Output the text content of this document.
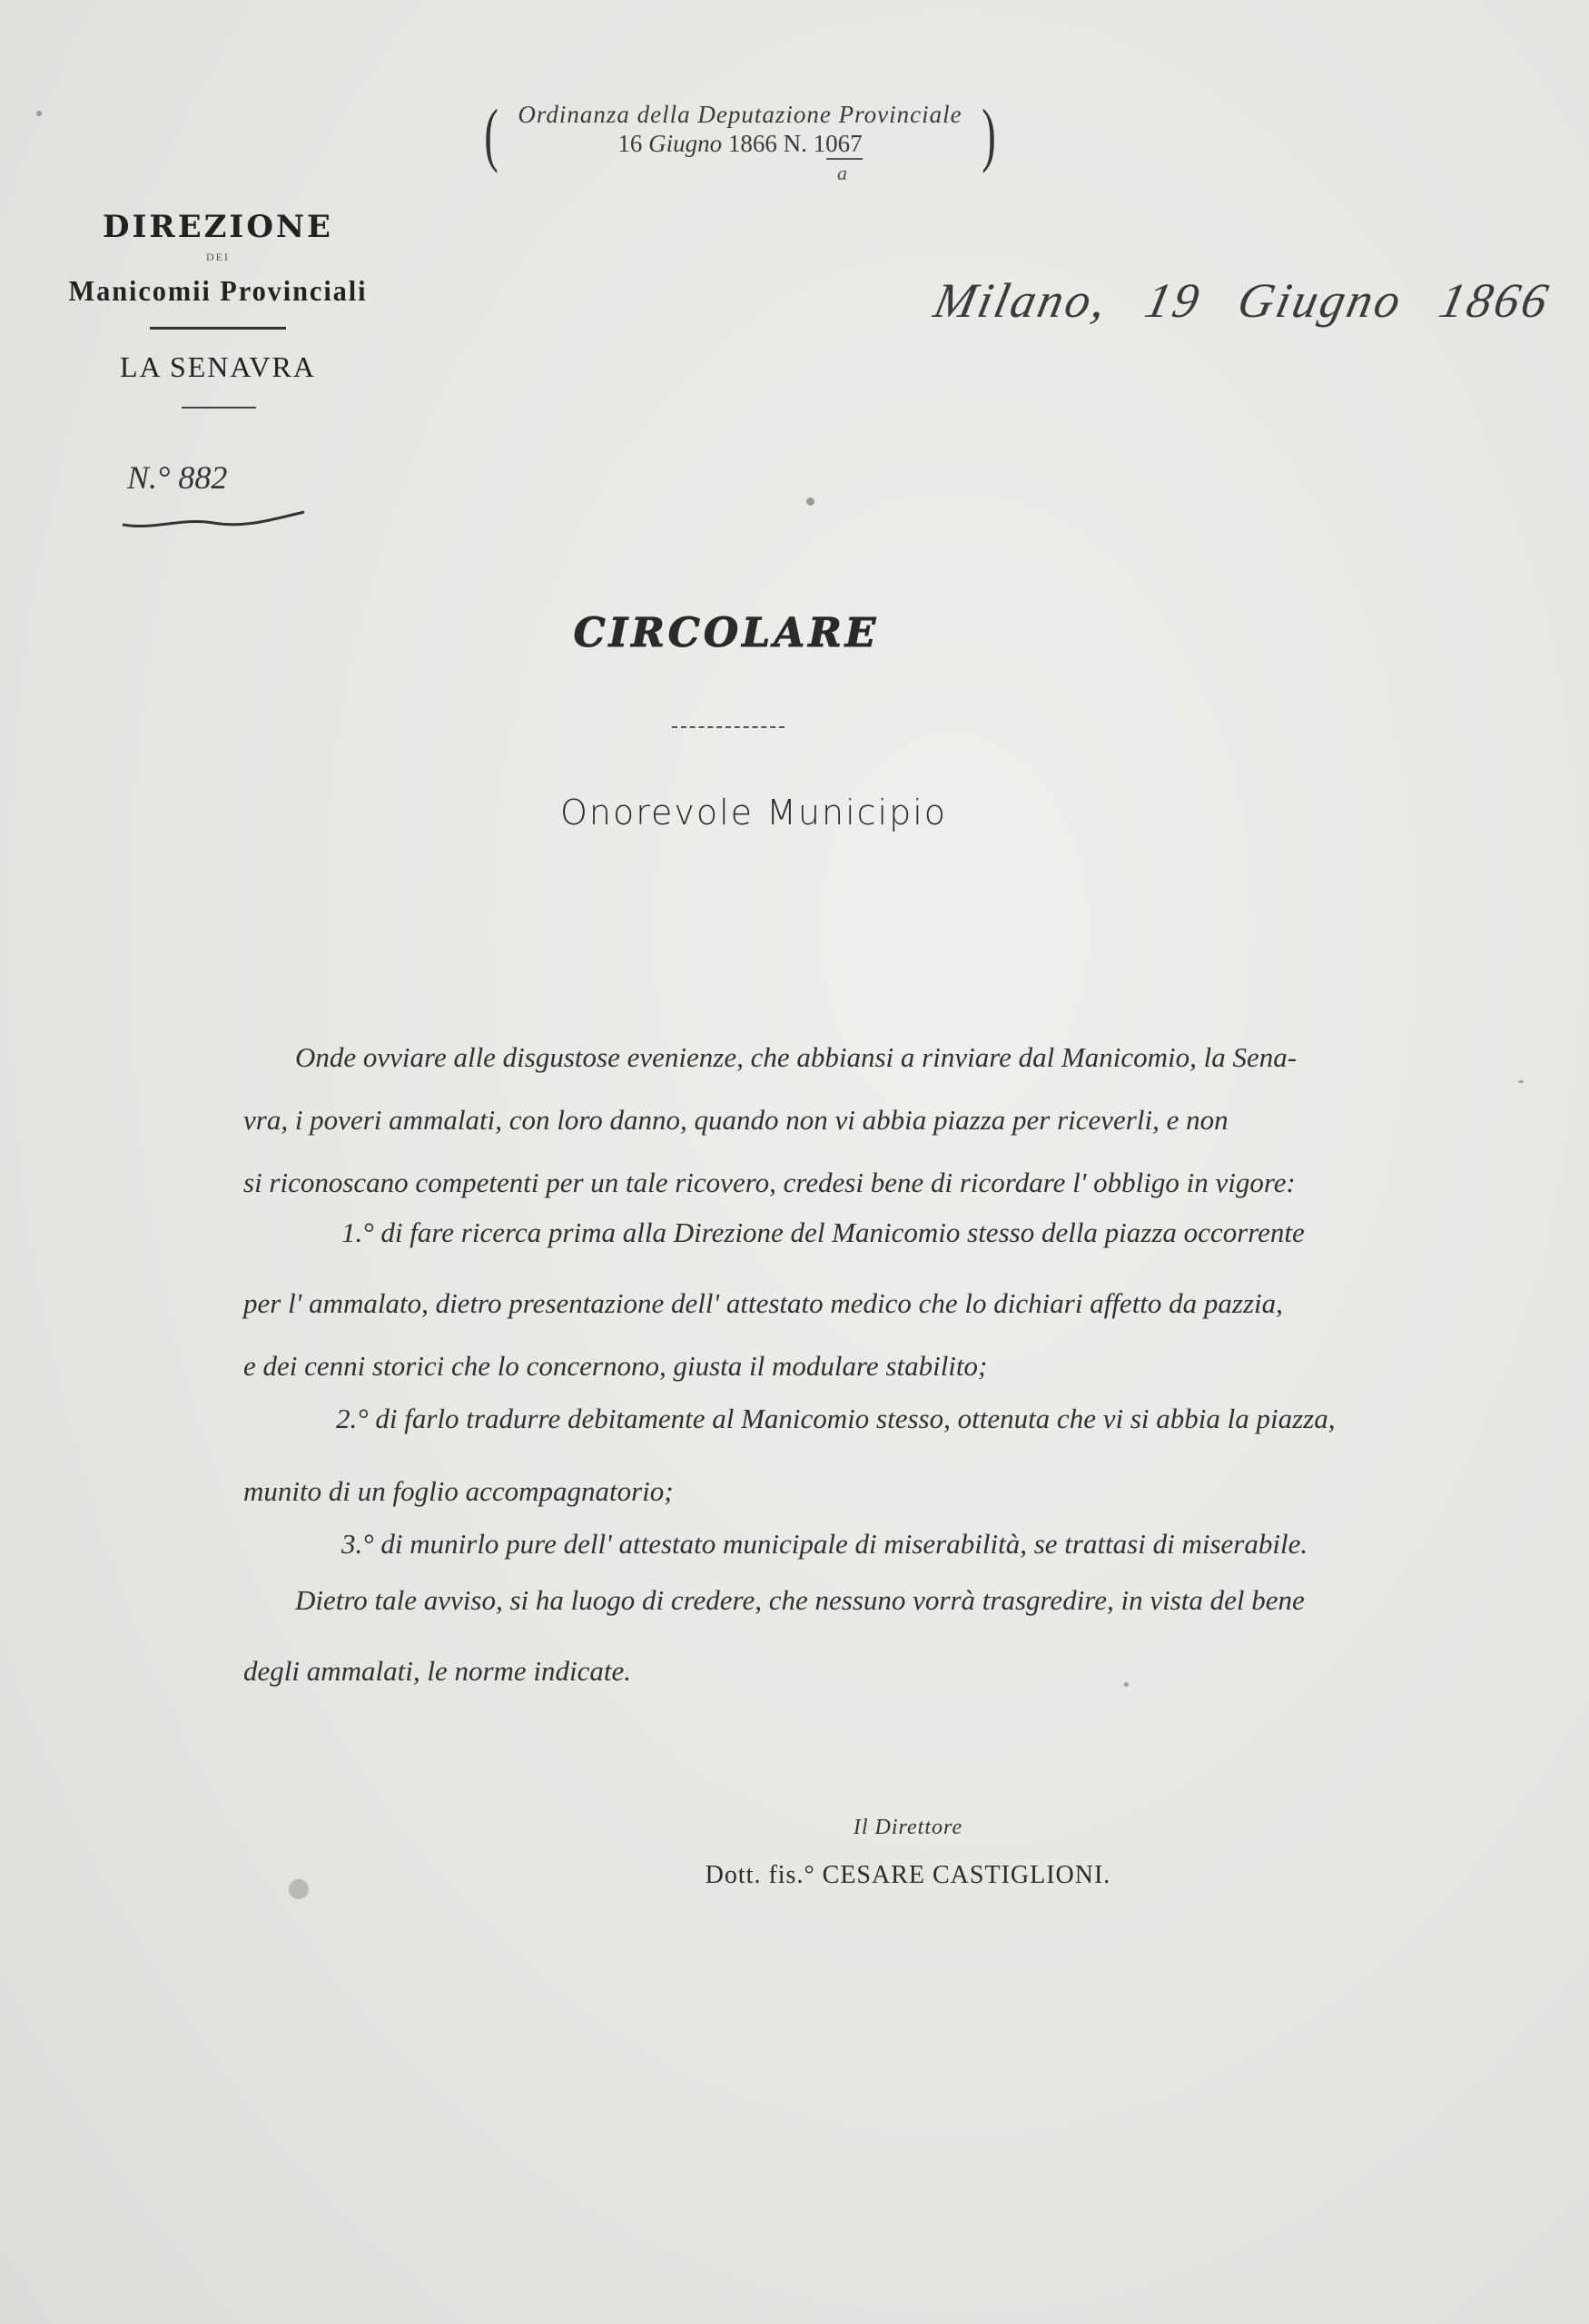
( Ordinanza della Deputazione Provinciale
16 Giugno 1866 N. 1067	)
a
DIREZIONE
DEI
Manicomii Provinciali
LA SENAVRA
N.° 882
Milano, 19 Giugno 1866
CIRCOLARE
Onorevole Municipio
Onde ovviare alle disgustose evenienze, che abbiansi a rinviare dal Manicomio, la Sena-
vra, i poveri ammalati, con loro danno, quando non vi abbia piazza per riceverli, e non
si riconoscano competenti per un tale ricovero, credesi bene di ricordare l' obbligo in vigore:
1.° di fare ricerca prima alla Direzione del Manicomio stesso della piazza occorrente
per l' ammalato, dietro presentazione dell' attestato medico che lo dichiari affetto da pazzia,
e dei cenni storici che lo concernono, giusta il modulare stabilito;
2.° di farlo tradurre debitamente al Manicomio stesso, ottenuta che vi si abbia la piazza,
munito di un foglio accompagnatorio;
3.° di munirlo pure dell' attestato municipale di miserabilità, se trattasi di miserabile.
Dietro tale avviso, si ha luogo di credere, che nessuno vorrà trasgredire, in vista del bene
degli ammalati, le norme indicate.
Il Direttore
Dott. fis.° CESARE CASTIGLIONI.
